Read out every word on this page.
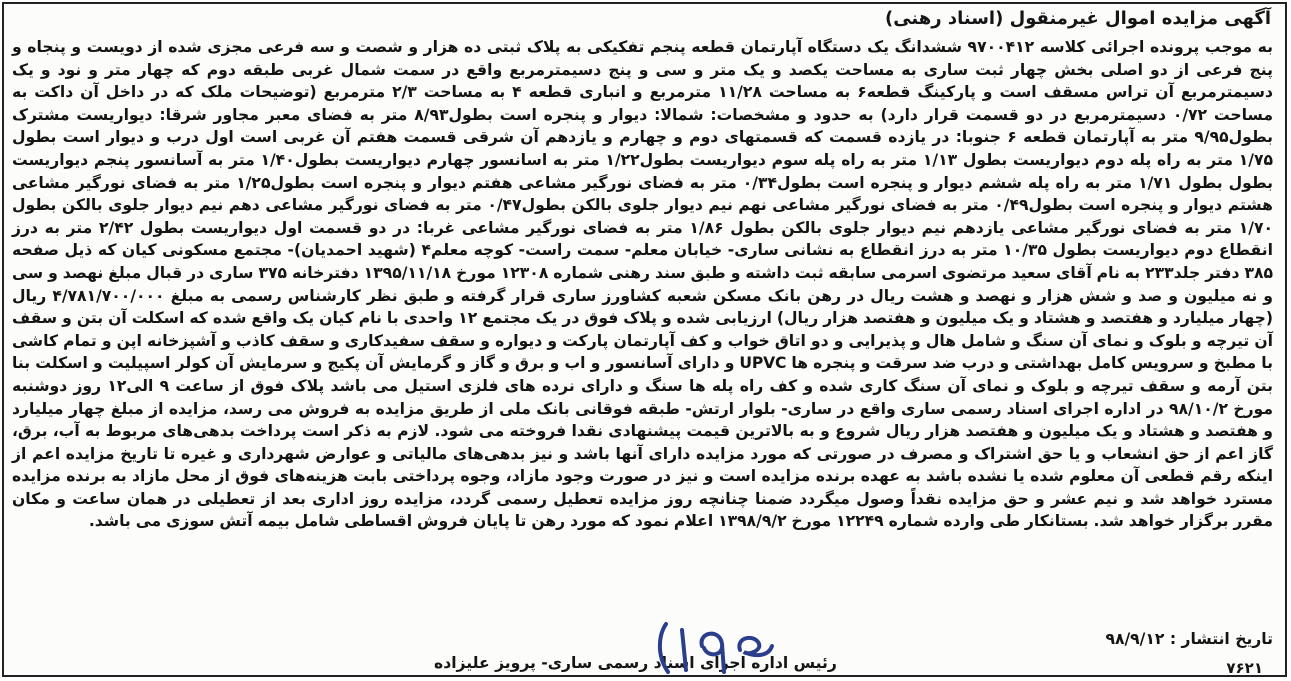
آگهی مزایده اموال غیرمنقول (اسناد رهنی)
به موجب پرونده اجرائی کلاسه ۹۷۰۰۴۱۲ ششدانگ یک دستگاه آپارتمان قطعه پنجم تفکیکی به پلاک ثبتی ده هزار و شصت و سه فرعی مجزی شده از دویست و پنجاه و پنج فرعی از دو اصلی بخش چهار ثبت ساری به مساحت یکصد و یک متر و سی و پنج دسیمترمربع واقع در سمت شمال غربی طبقه دوم که چهار متر و نود و یک دسیمترمربع آن تراس مسقف است و پارکینگ قطعه۶ به مساحت ۱۱/۲۸ مترمربع و انباری قطعه ۴ به مساحت ۲/۳ مترمربع (توضیحات ملک که در داخل آن داکت به مساحت ۰/۷۲ دسیمترمربع در دو قسمت قرار دارد) به حدود و مشخصات: شمالا: دیوار و پنجره است بطول۸/۹۳ متر به فضای معبر مجاور شرقا: دیواریست مشترک بطول۹/۹۵ متر به آپارتمان قطعه ۶ جنوبا: در یازده قسمت که قسمتهای دوم و چهارم و یازدهم آن شرقی قسمت هفتم آن غربی است اول درب و دیوار است بطول ۱/۷۵ متر به راه پله دوم دیواریست بطول ۱/۱۳ متر به راه پله سوم دیواریست بطول۱/۲۲ متر به اسانسور چهارم دیواریست بطول۱/۴۰ متر به آسانسور پنجم دیواریست بطول بطول ۱/۷۱ متر به راه پله ششم دیوار و پنجره است بطول۰/۳۴ متر به فضای نورگیر مشاعی هفتم دیوار و پنجره است بطول۱/۲۵ متر به فضای نورگیر مشاعی هشتم دیوار و پنجره است بطول۰/۴۹ متر به فضای نورگیر مشاعی نهم نیم دیوار جلوی بالکن بطول۰/۴۷ متر به فضای نورگیر مشاعی دهم نیم دیوار جلوی بالکن بطول ۱/۷۰ متر به فضای نورگیر مشاعی یازدهم نیم دیوار جلوی بالکن بطول ۱/۸۶ متر به فضای نورگیر مشاعی غربا: در دو قسمت اول دیواریست بطول ۲/۴۲ متر به درز انقطاع دوم دیواریست بطول ۱۰/۳۵ متر به درز انقطاع به نشانی ساری- خیابان معلم- سمت راست- کوچه معلم۴ (شهید احمدیان)- مجتمع مسکونی کیان که ذیل صفحه ۳۸۵ دفتر جلد۲۳۳ به نام آقای سعید مرتضوی اسرمی سابقه ثبت داشته و طبق سند رهنی شماره ۱۲۳۰۸ مورخ ۱۳۹۵/۱۱/۱۸ دفترخانه ۳۷۵ ساری در قبال مبلغ نهصد و سی و نه میلیون و صد و شش هزار و نهصد و هشت ریال در رهن بانک مسکن شعبه کشاورز ساری قرار گرفته و طبق نظر کارشناس رسمی به مبلغ ۴/۷۸۱/۷۰۰/۰۰۰ ریال (چهار میلیارد و هفتصد و هشتاد و یک میلیون و هفتصد هزار ریال) ارزیابی شده و پلاک فوق در یک مجتمع ۱۲ واحدی با نام کیان یک واقع شده که اسکلت آن بتن و سقف آن تیرچه و بلوک و نمای آن سنگ و شامل هال و پذیرایی و دو اتاق خواب و کف آپارتمان پارکت و دیواره و سقف سفیدکاری و سقف کاذب و آشپزخانه اپن و تمام کاشی با مطبخ و سرویس کامل بهداشتی و درب ضد سرقت و پنجره ها UPVC و دارای آسانسور و اب و برق و گاز و گرمایش آن پکیج و سرمایش آن کولر اسپیلیت و اسکلت بنا بتن آرمه و سقف تیرچه و بلوک و نمای آن سنگ کاری شده و کف راه پله ها سنگ و دارای نرده های فلزی استیل می باشد پلاک فوق از ساعت ۹ الی۱۲ روز دوشنبه مورخ ۹۸/۱۰/۲ در اداره اجرای اسناد رسمی ساری واقع در ساری- بلوار ارتش- طبقه فوقانی بانک ملی از طریق مزایده به فروش می رسد، مزایده از مبلغ چهار میلیارد و هفتصد و هشتاد و یک میلیون و هفتصد هزار ریال شروع و به بالاترین قیمت پیشنهادی نقدا فروخته می شود. لازم به ذکر است پرداخت بدهی‌های مربوط به آب، برق، گاز اعم از حق انشعاب و یا حق اشتراک و مصرف در صورتی که مورد مزایده دارای آنها باشد و نیز بدهی‌های مالیاتی و عوارض شهرداری و غیره تا تاریخ مزایده اعم از اینکه رقم قطعی آن معلوم شده یا نشده باشد به عهده برنده مزایده است و نیز در صورت وجود مازاد، وجوه پرداختی بابت هزینه‌های فوق از محل مازاد به برنده مزایده مسترد خواهد شد و نیم عشر و حق مزایده نقداً وصول میگردد ضمنا چنانچه روز مزایده تعطیل رسمی گردد، مزایده روز اداری بعد از تعطیلی در همان ساعت و مکان مقرر برگزار خواهد شد. بستانکار طی وارده شماره ۱۲۲۴۹ مورخ ۱۳۹۸/۹/۲ اعلام نمود که مورد رهن تا پایان فروش اقساطی شامل بیمه آتش سوزی می باشد.
تاریخ انتشار : ۹۸/۹/۱۲
رئیس اداره اجرای اسناد رسمی ساری- پرویز علیزاده	۷۶۲۱
